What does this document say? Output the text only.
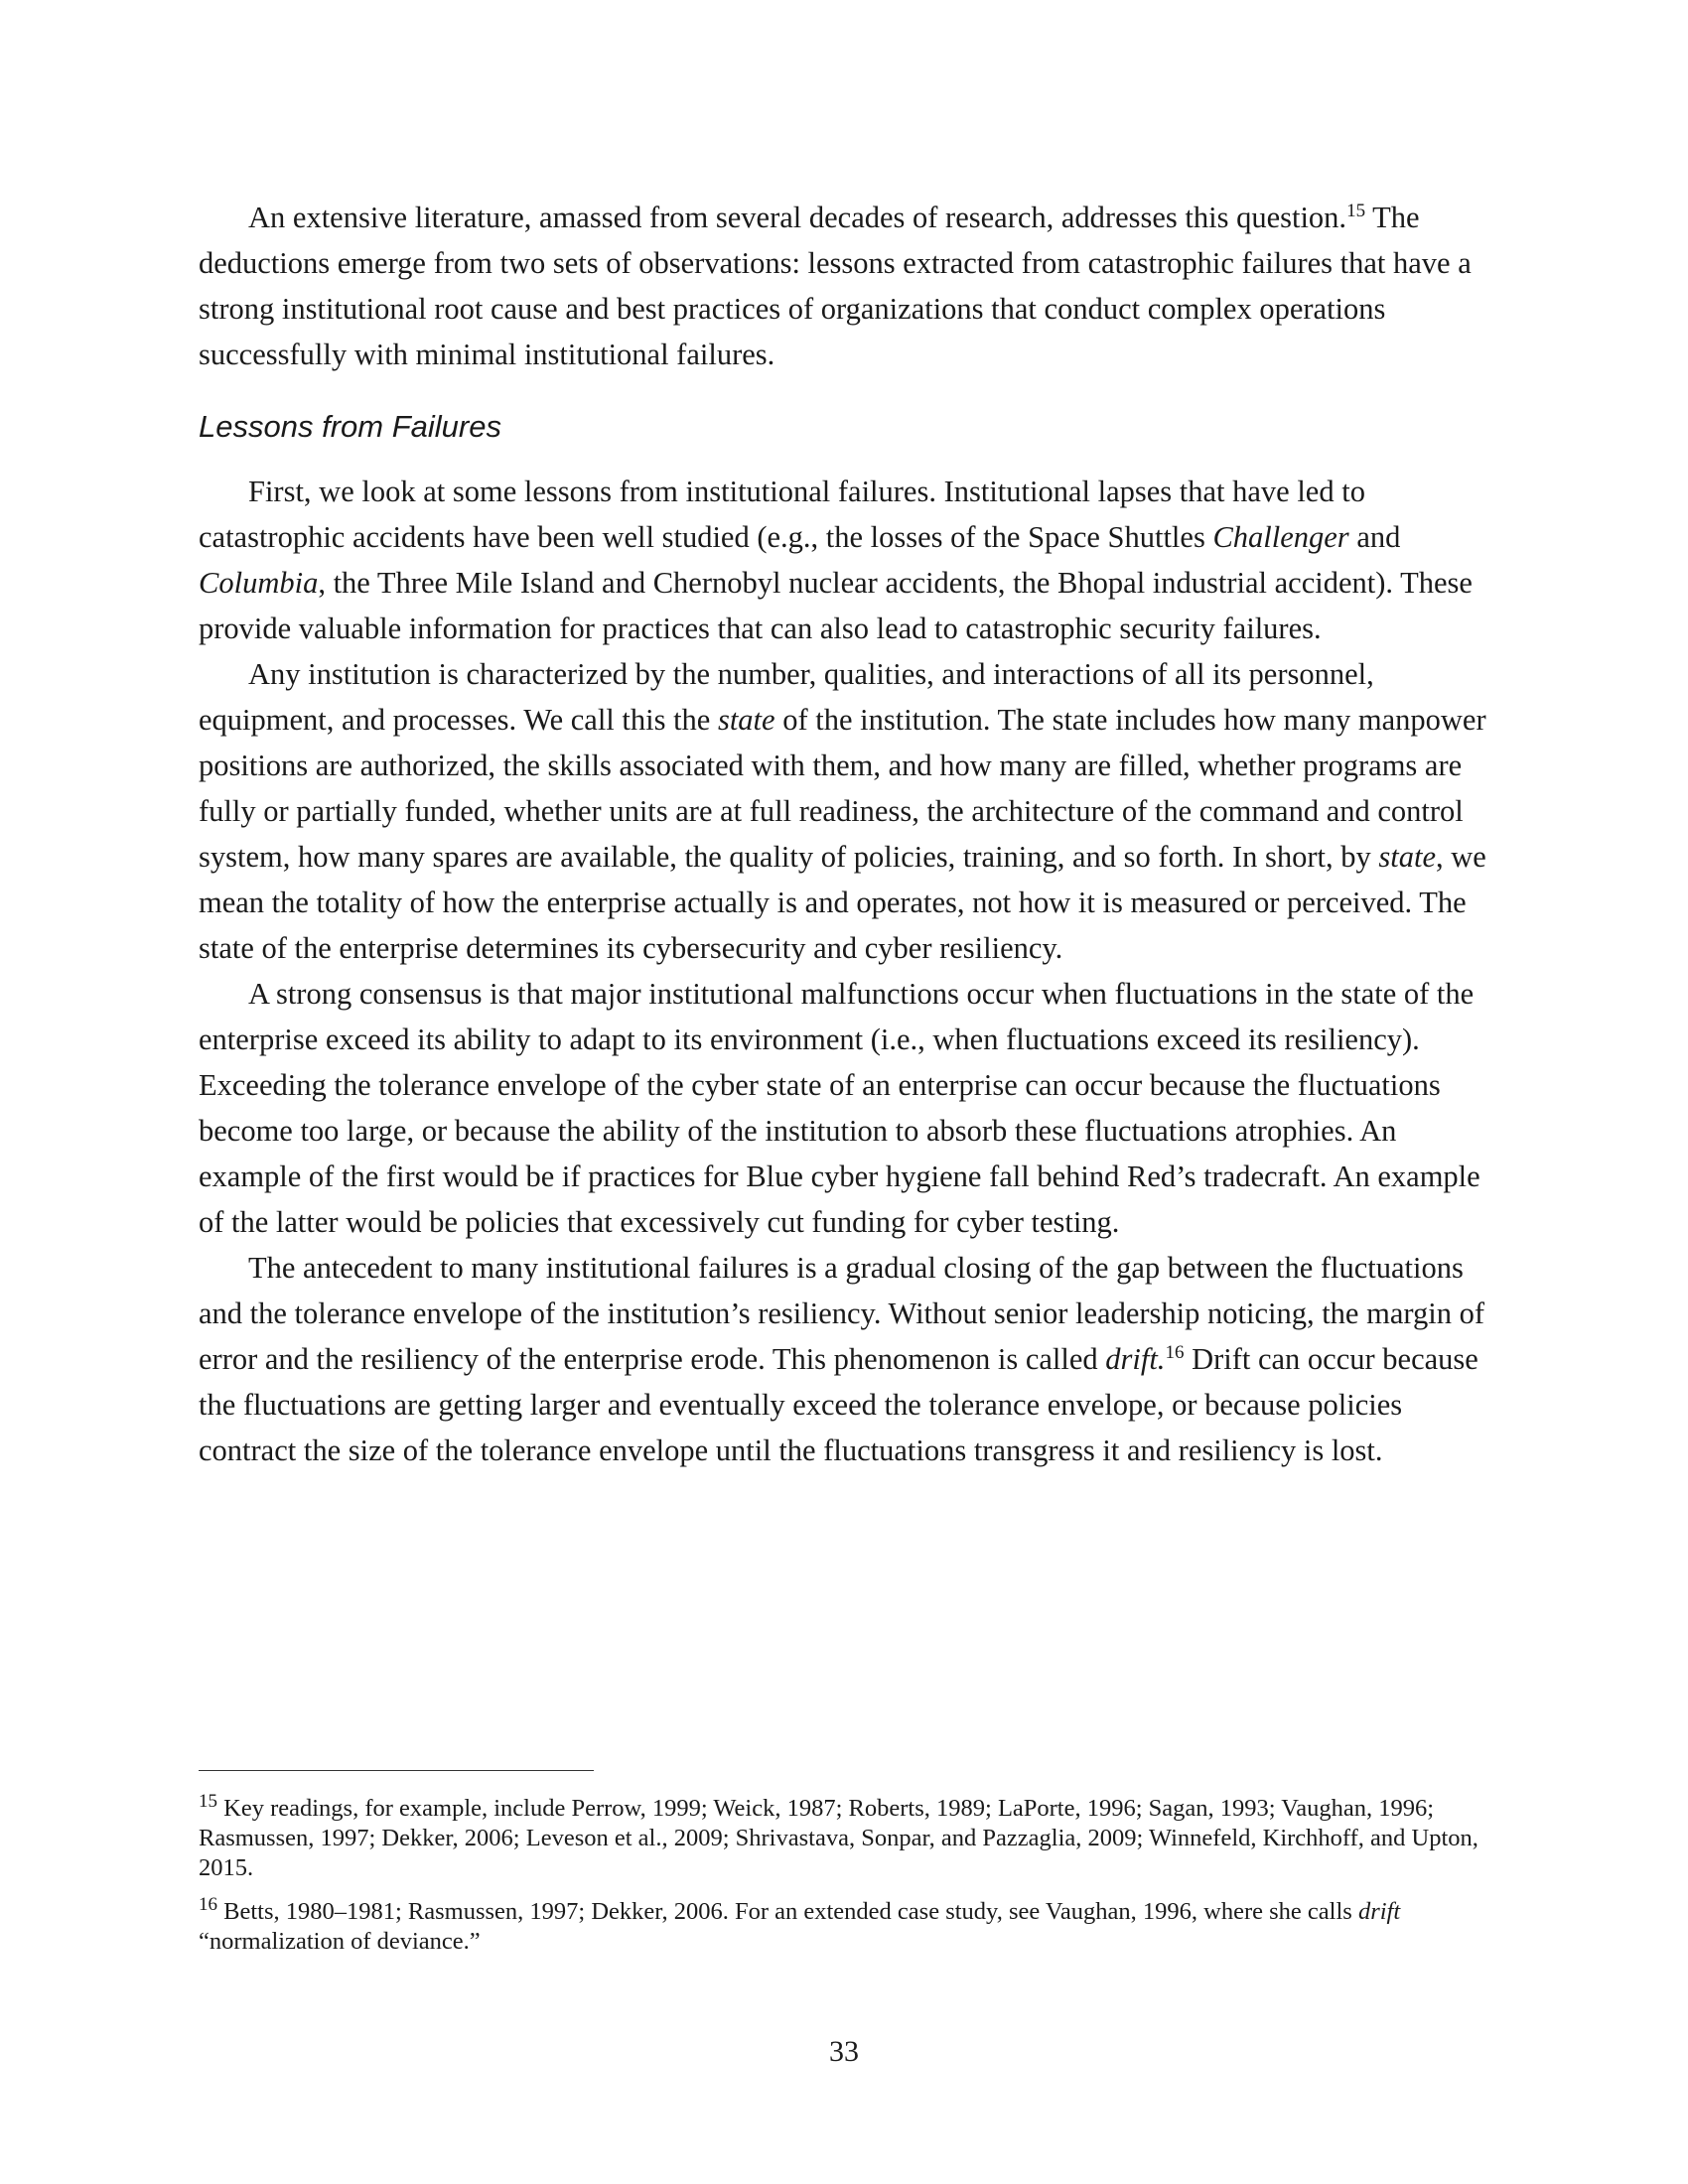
An extensive literature, amassed from several decades of research, addresses this question.$^{15}$ The deductions emerge from two sets of observations: lessons extracted from catastrophic failures that have a strong institutional root cause and best practices of organizations that conduct complex operations successfully with minimal institutional failures.

Lessons from Failures

First, we look at some lessons from institutional failures. Institutional lapses that have led to catastrophic accidents have been well studied (e.g., the losses of the Space Shuttles Challenger and Columbia, the Three Mile Island and Chernobyl nuclear accidents, the Bhopal industrial accident). These provide valuable information for practices that can also lead to catastrophic security failures.

Any institution is characterized by the number, qualities, and interactions of all its personnel, equipment, and processes. We call this the state of the institution. The state includes how many manpower positions are authorized, the skills associated with them, and how many are filled, whether programs are fully or partially funded, whether units are at full readiness, the architecture of the command and control system, how many spares are available, the quality of policies, training, and so forth. In short, by state, we mean the totality of how the enterprise actually is and operates, not how it is measured or perceived. The state of the enterprise determines its cybersecurity and cyber resiliency.

A strong consensus is that major institutional malfunctions occur when fluctuations in the state of the enterprise exceed its ability to adapt to its environment (i.e., when fluctuations exceed its resiliency). Exceeding the tolerance envelope of the cyber state of an enterprise can occur because the fluctuations become too large, or because the ability of the institution to absorb these fluctuations atrophies. An example of the first would be if practices for Blue cyber hygiene fall behind Red’s tradecraft. An example of the latter would be policies that excessively cut funding for cyber testing.

The antecedent to many institutional failures is a gradual closing of the gap between the fluctuations and the tolerance envelope of the institution’s resiliency. Without senior leadership noticing, the margin of error and the resiliency of the enterprise erode. This phenomenon is called drift.$^{16}$ Drift can occur because the fluctuations are getting larger and eventually exceed the tolerance envelope, or because policies contract the size of the tolerance envelope until the fluctuations transgress it and resiliency is lost.

$^{15}$ Key readings, for example, include Perrow, 1999; Weick, 1987; Roberts, 1989; LaPorte, 1996; Sagan, 1993; Vaughan, 1996; Rasmussen, 1997; Dekker, 2006; Leveson et al., 2009; Shrivastava, Sonpar, and Pazzaglia, 2009; Winnefeld, Kirchhoff, and Upton, 2015.

$^{16}$ Betts, 1980–1981; Rasmussen, 1997; Dekker, 2006. For an extended case study, see Vaughan, 1996, where she calls drift “normalization of deviance.”

33
